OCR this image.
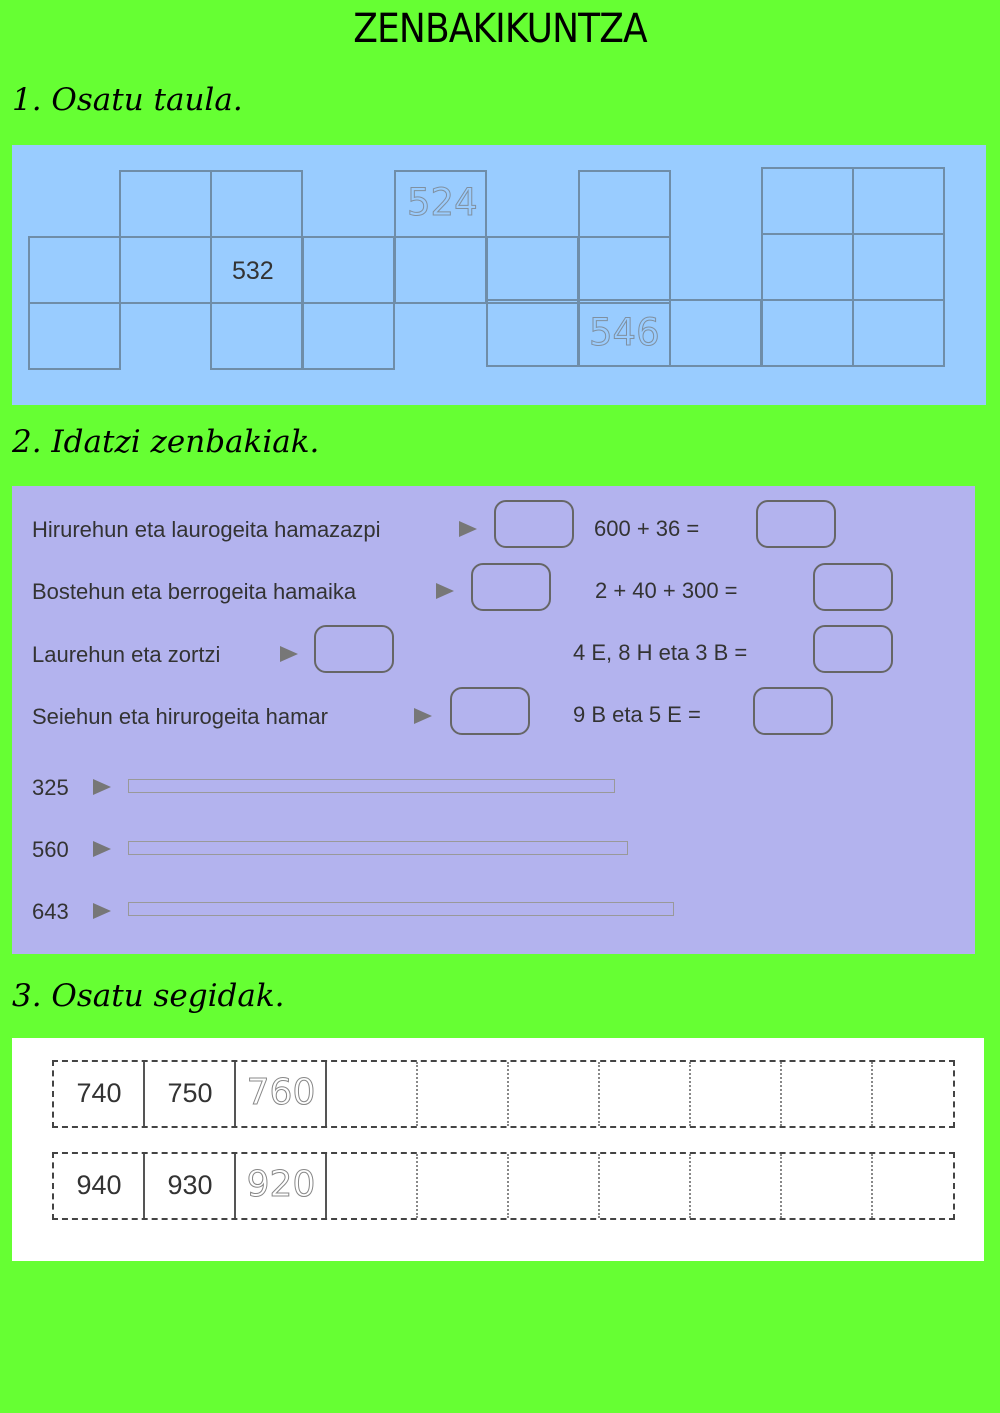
ZENBAKIKUNTZA
1. Osatu taula.
524
532
546
2. Idatzi zenbakiak.
Hirurehun eta laurogeita hamazazpi
Bostehun eta berrogeita hamaika
Laurehun eta zortzi
Seiehun eta hirurogeita hamar
600 + 36 =
2 + 40 + 300 =
4 E, 8 H eta 3 B =
9 B eta 5 E =
325
560
643
3. Osatu segidak.
740	750 760
940	930 920
